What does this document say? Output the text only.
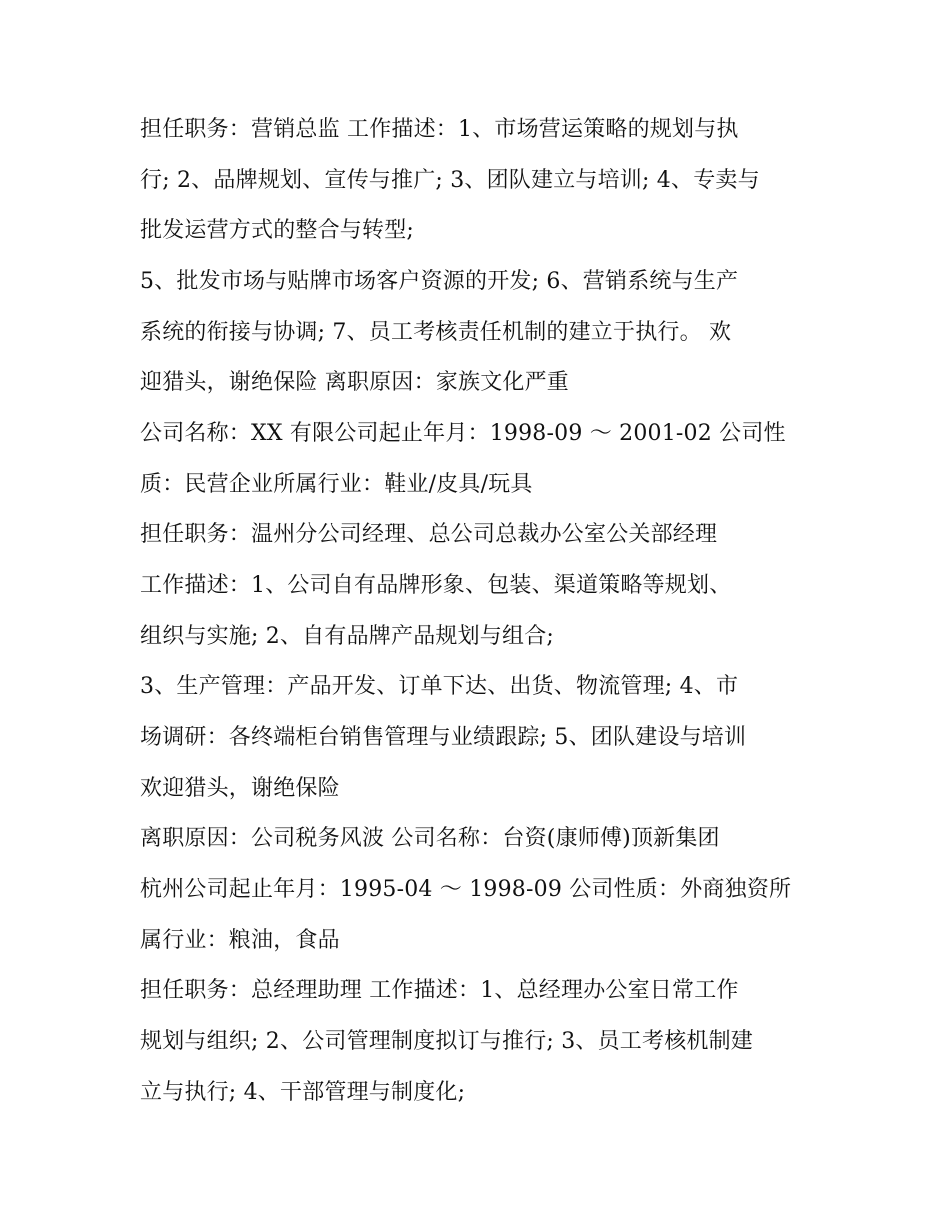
担任职务：营销总监 工作描述：1、市场营运策略的规划与执
行; 2、品牌规划、宣传与推广; 3、团队建立与培训; 4、专卖与
批发运营方式的整合与转型;
5、批发市场与贴牌市场客户资源的开发; 6、营销系统与生产
系统的衔接与协调; 7、员工考核责任机制的建立于执行。 欢
迎猎头，谢绝保险 离职原因：家族文化严重
公司名称：XX 有限公司起止年月：1998-09 ～ 2001-02 公司性
质：民营企业所属行业：鞋业/皮具/玩具
担任职务：温州分公司经理、总公司总裁办公室公关部经理
工作描述：1、公司自有品牌形象、包装、渠道策略等规划、
组织与实施; 2、自有品牌产品规划与组合;
3、生产管理：产品开发、订单下达、出货、物流管理; 4、市
场调研：各终端柜台销售管理与业绩跟踪; 5、团队建设与培训
欢迎猎头，谢绝保险
离职原因：公司税务风波 公司名称：台资(康师傅)顶新集团
杭州公司起止年月：1995-04 ～ 1998-09 公司性质：外商独资所
属行业：粮油，食品
担任职务：总经理助理 工作描述：1、总经理办公室日常工作
规划与组织; 2、公司管理制度拟订与推行; 3、员工考核机制建
立与执行; 4、干部管理与制度化;
